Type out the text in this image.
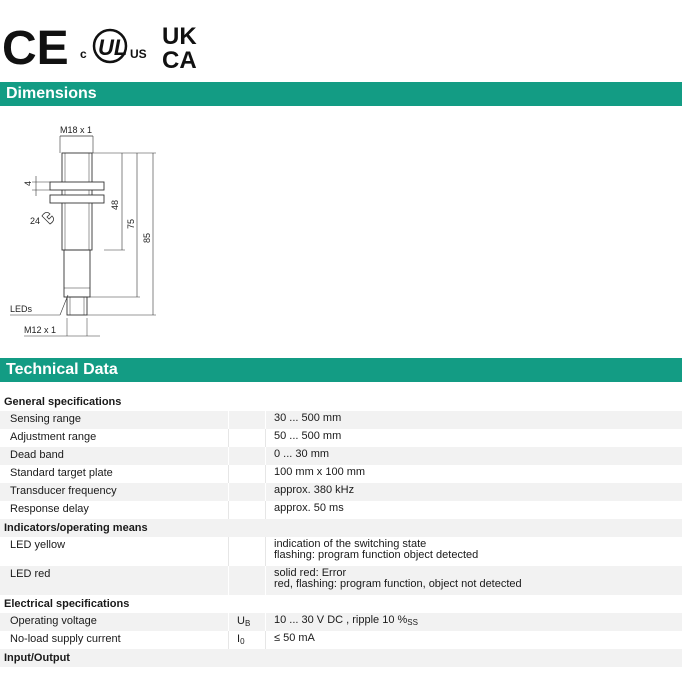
CE c UL US
UK
CA
Dimensions
M18 x 1
4
24
48
75
85
LEDs
M12 x 1
Technical Data
General specifications
Sensing range	30 ... 500 mm
Adjustment range	50 ... 500 mm
Dead band	0 ... 30 mm
Standard target plate	100 mm x 100 mm
Transducer frequency	approx. 380 kHz
Response delay	approx. 50 ms
Indicators/operating means
LED yellow	indication of the switching state
flashing: program function object detected
LED red	solid red: Error
red, flashing: program function, object not detected
Electrical specifications
Operating voltage	$U_B$	10 ... 30 V DC , ripple 10 $\%_{SS}$
No-load supply current	$I_0$	≤ 50 mA
Input/Output
